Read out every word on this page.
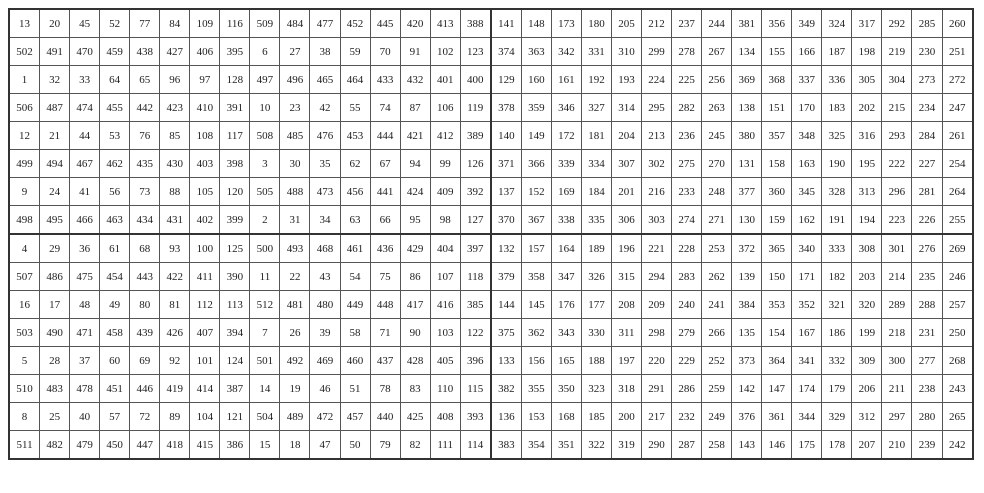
13	20	45	52	77	84	109	116	509	484	477	452	445	420	413	388	141	148	173	180	205	212	237	244	381	356	349	324	317	292	285	260
502	491	470	459	438	427	406	395	6	27	38	59	70	91	102	123	374	363	342	331	310	299	278	267	134	155	166	187	198	219	230	251
1	32	33	64	65	96	97	128	497	496	465	464	433	432	401	400	129	160	161	192	193	224	225	256	369	368	337	336	305	304	273	272
506	487	474	455	442	423	410	391	10	23	42	55	74	87	106	119	378	359	346	327	314	295	282	263	138	151	170	183	202	215	234	247
12	21	44	53	76	85	108	117	508	485	476	453	444	421	412	389	140	149	172	181	204	213	236	245	380	357	348	325	316	293	284	261
499	494	467	462	435	430	403	398	3	30	35	62	67	94	99	126	371	366	339	334	307	302	275	270	131	158	163	190	195	222	227	254
9	24	41	56	73	88	105	120	505	488	473	456	441	424	409	392	137	152	169	184	201	216	233	248	377	360	345	328	313	296	281	264
498	495	466	463	434	431	402	399	2	31	34	63	66	95	98	127	370	367	338	335	306	303	274	271	130	159	162	191	194	223	226	255
4	29	36	61	68	93	100	125	500	493	468	461	436	429	404	397	132	157	164	189	196	221	228	253	372	365	340	333	308	301	276	269
507	486	475	454	443	422	411	390	11	22	43	54	75	86	107	118	379	358	347	326	315	294	283	262	139	150	171	182	203	214	235	246
16	17	48	49	80	81	112	113	512	481	480	449	448	417	416	385	144	145	176	177	208	209	240	241	384	353	352	321	320	289	288	257
503	490	471	458	439	426	407	394	7	26	39	58	71	90	103	122	375	362	343	330	311	298	279	266	135	154	167	186	199	218	231	250
5	28	37	60	69	92	101	124	501	492	469	460	437	428	405	396	133	156	165	188	197	220	229	252	373	364	341	332	309	300	277	268
510	483	478	451	446	419	414	387	14	19	46	51	78	83	110	115	382	355	350	323	318	291	286	259	142	147	174	179	206	211	238	243
8	25	40	57	72	89	104	121	504	489	472	457	440	425	408	393	136	153	168	185	200	217	232	249	376	361	344	329	312	297	280	265
511	482	479	450	447	418	415	386	15	18	47	50	79	82	111	114	383	354	351	322	319	290	287	258	143	146	175	178	207	210	239	242
